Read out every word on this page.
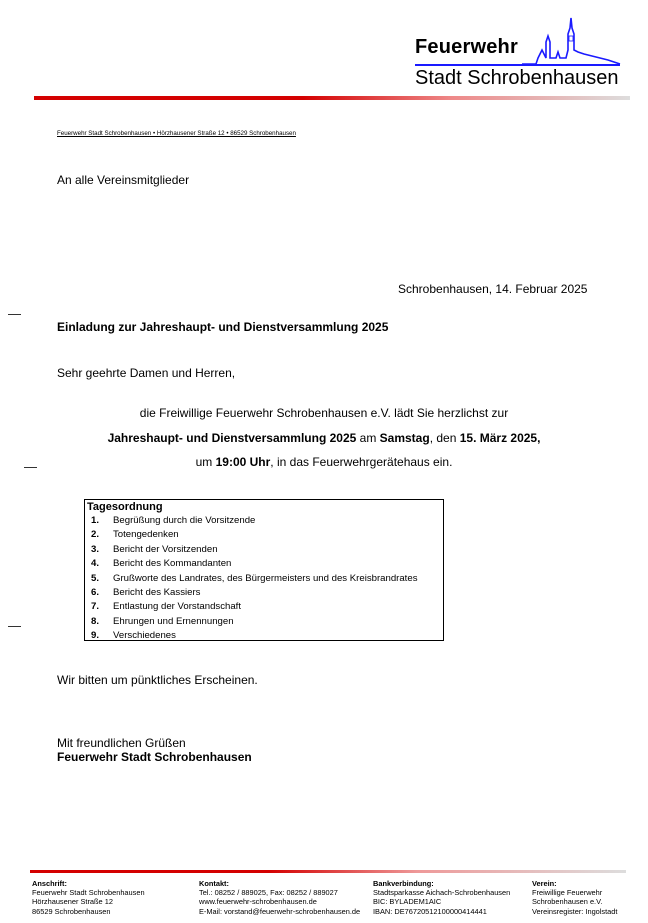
Feuerwehr
Stadt Schrobenhausen
Feuerwehr Stadt Schrobenhausen • Hörzhausener Straße 12 • 86529 Schrobenhausen
An alle Vereinsmitglieder
Schrobenhausen, 14. Februar 2025
Einladung zur Jahreshaupt- und Dienstversammlung 2025
Sehr geehrte Damen und Herren,
die Freiwillige Feuerwehr Schrobenhausen e.V. lädt Sie herzlichst zur
Jahreshaupt- und Dienstversammlung 2025 am Samstag, den 15. März 2025,
um 19:00 Uhr, in das Feuerwehrgerätehaus ein.
Tagesordnung
1. Begrüßung durch die Vorsitzende
2. Totengedenken
3. Bericht der Vorsitzenden
4. Bericht des Kommandanten
5. Grußworte des Landrates, des Bürgermeisters und des Kreisbrandrates
6. Bericht des Kassiers
7. Entlastung der Vorstandschaft
8. Ehrungen und Ernennungen
9. Verschiedenes
Wir bitten um pünktliches Erscheinen.
Mit freundlichen Grüßen
Feuerwehr Stadt Schrobenhausen
Anschrift:
Feuerwehr Stadt Schrobenhausen
Hörzhausener Straße 12
86529 Schrobenhausen
Kontakt:
Tel.: 08252 / 889025, Fax: 08252 / 889027
www.feuerwehr-schrobenhausen.de
E-Mail: vorstand@feuerwehr-schrobenhausen.de
Bankverbindung:
Stadtsparkasse Aichach-Schrobenhausen
BIC: BYLADEM1AIC
IBAN: DE76720512100000414441
Verein:
Freiwillige Feuerwehr
Schrobenhausen e.V.
Vereinsregister: Ingolstadt
